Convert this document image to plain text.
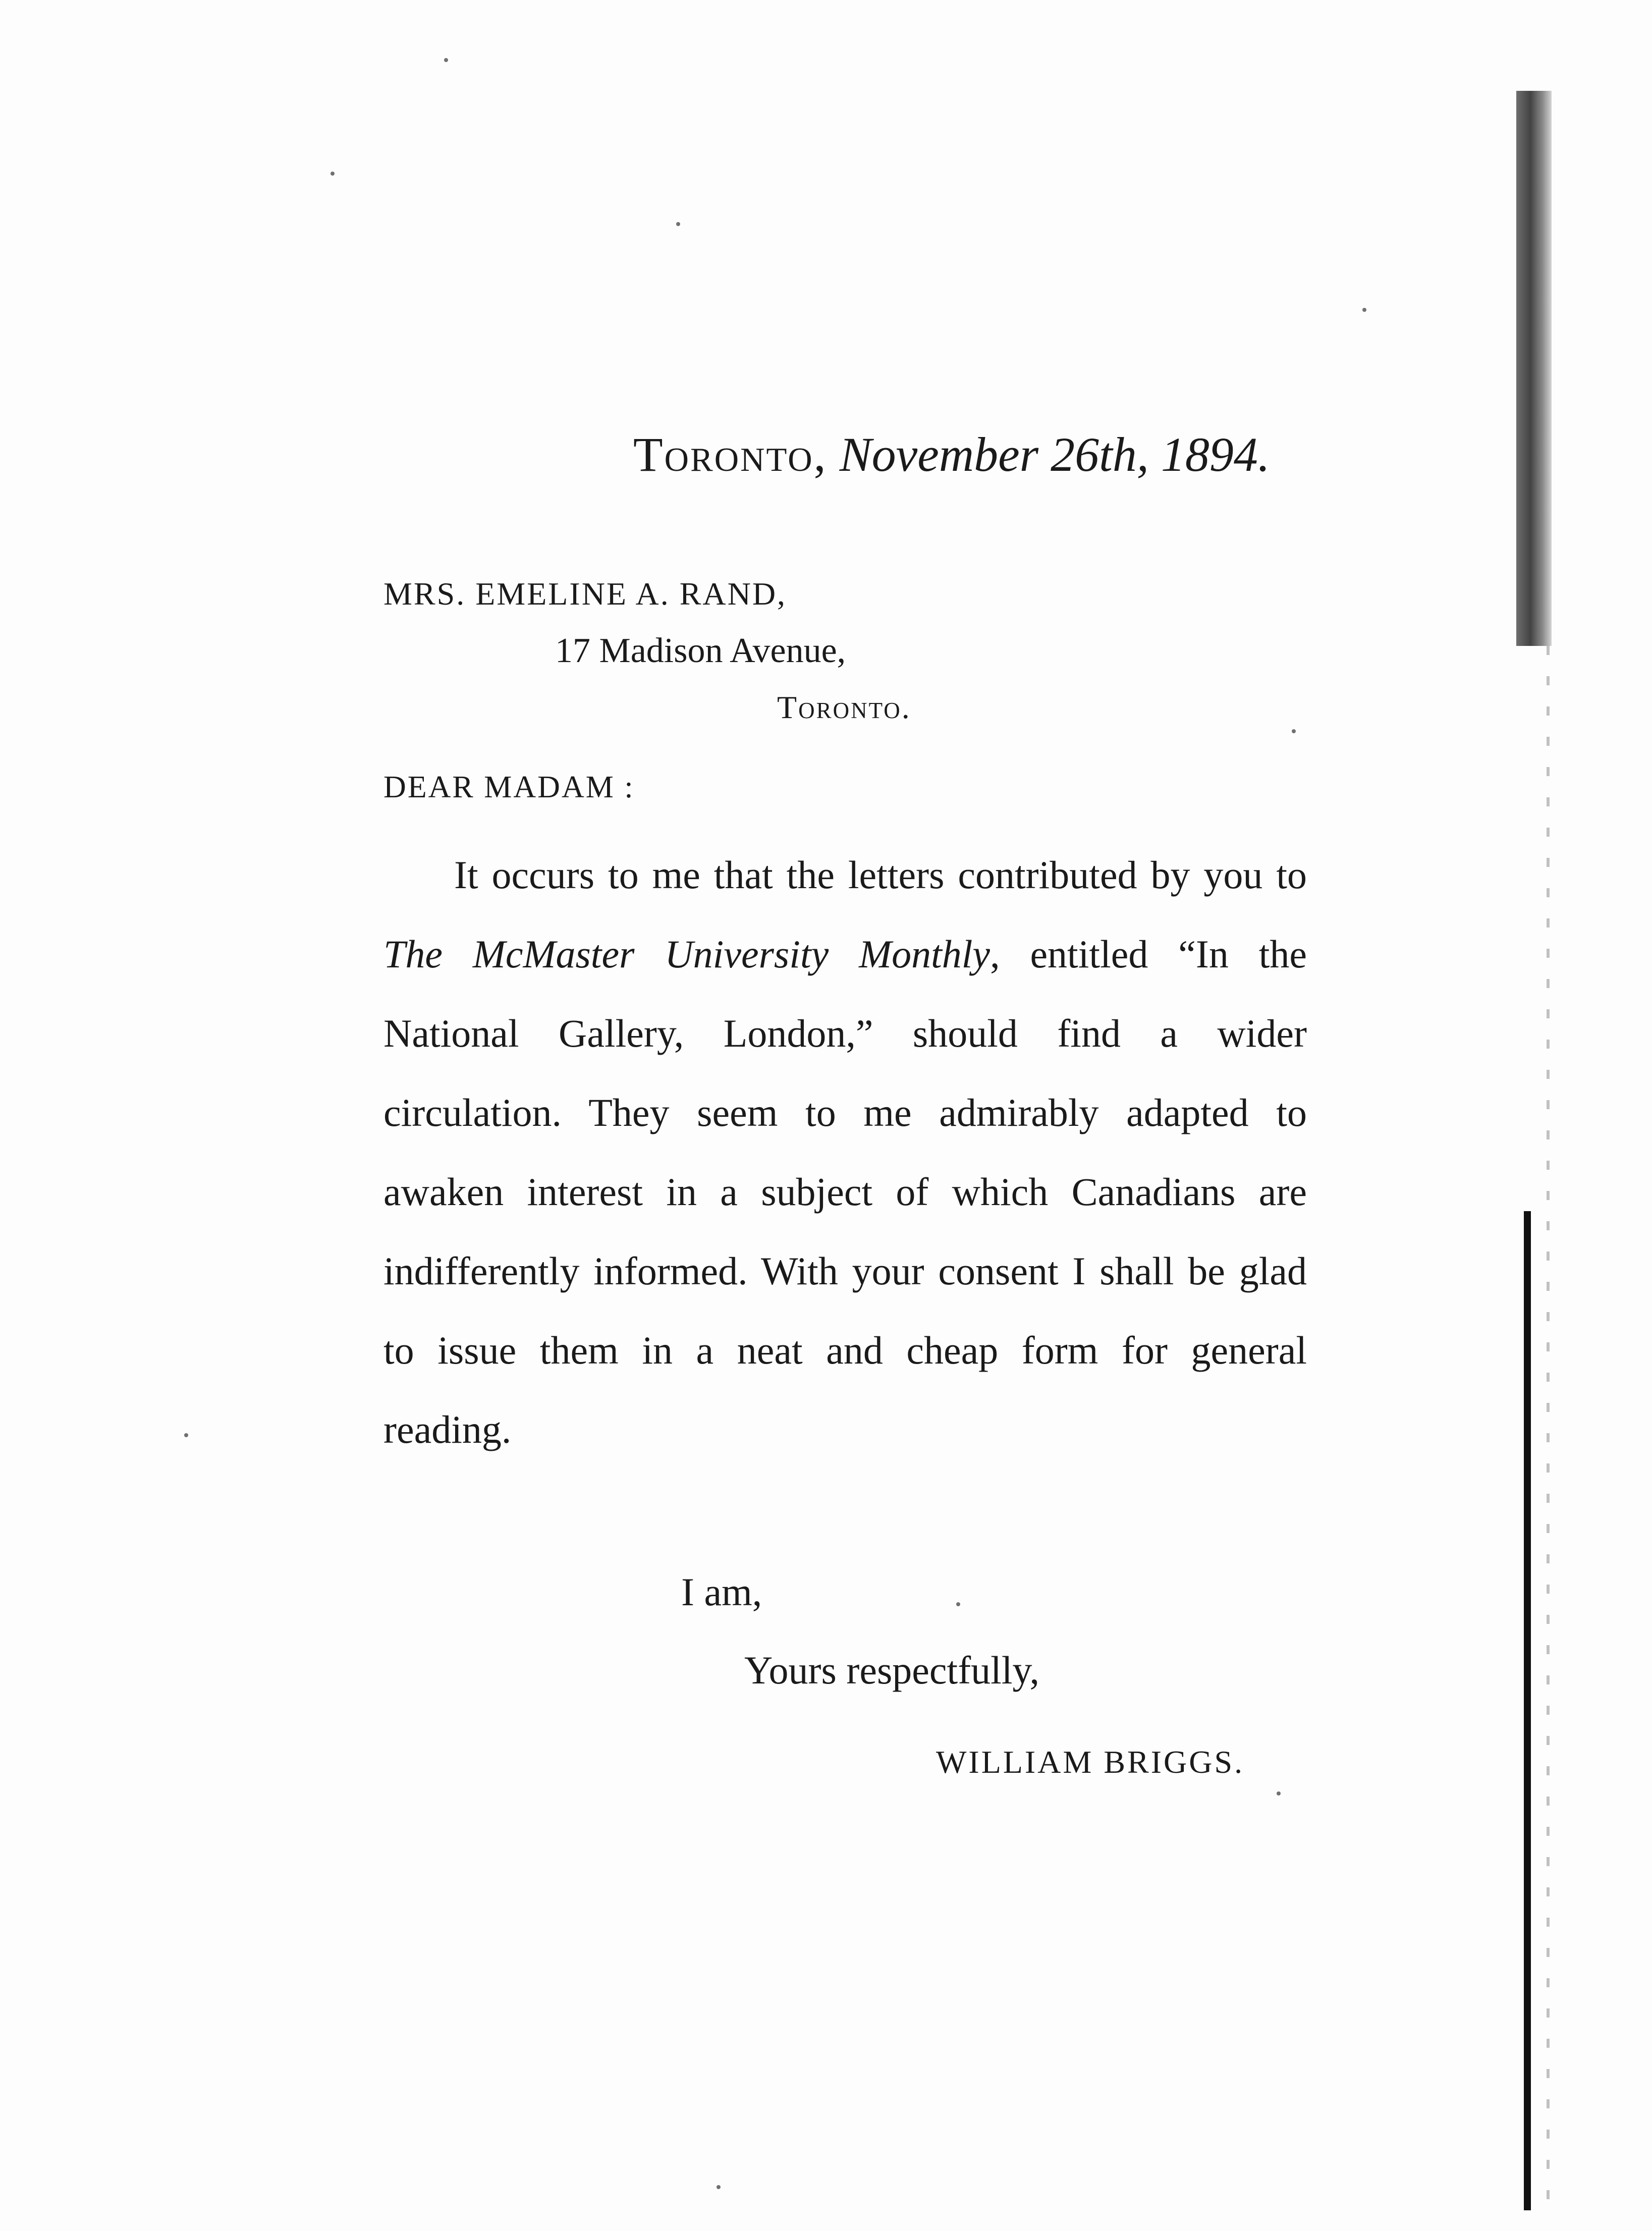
Toronto, November 26th, 1894.
MRS. EMELINE A. RAND,
17 Madison Avenue,
Toronto.
DEAR MADAM :
It occurs to me that the letters contributed by you to The McMaster University Monthly, entitled “In the National Gallery, London,” should find a wider circulation. They seem to me admirably adapted to awaken interest in a subject of which Canadians are indifferently informed. With your consent I shall be glad to issue them in a neat and cheap form for general reading.
I am,
Yours respectfully,
WILLIAM BRIGGS.
